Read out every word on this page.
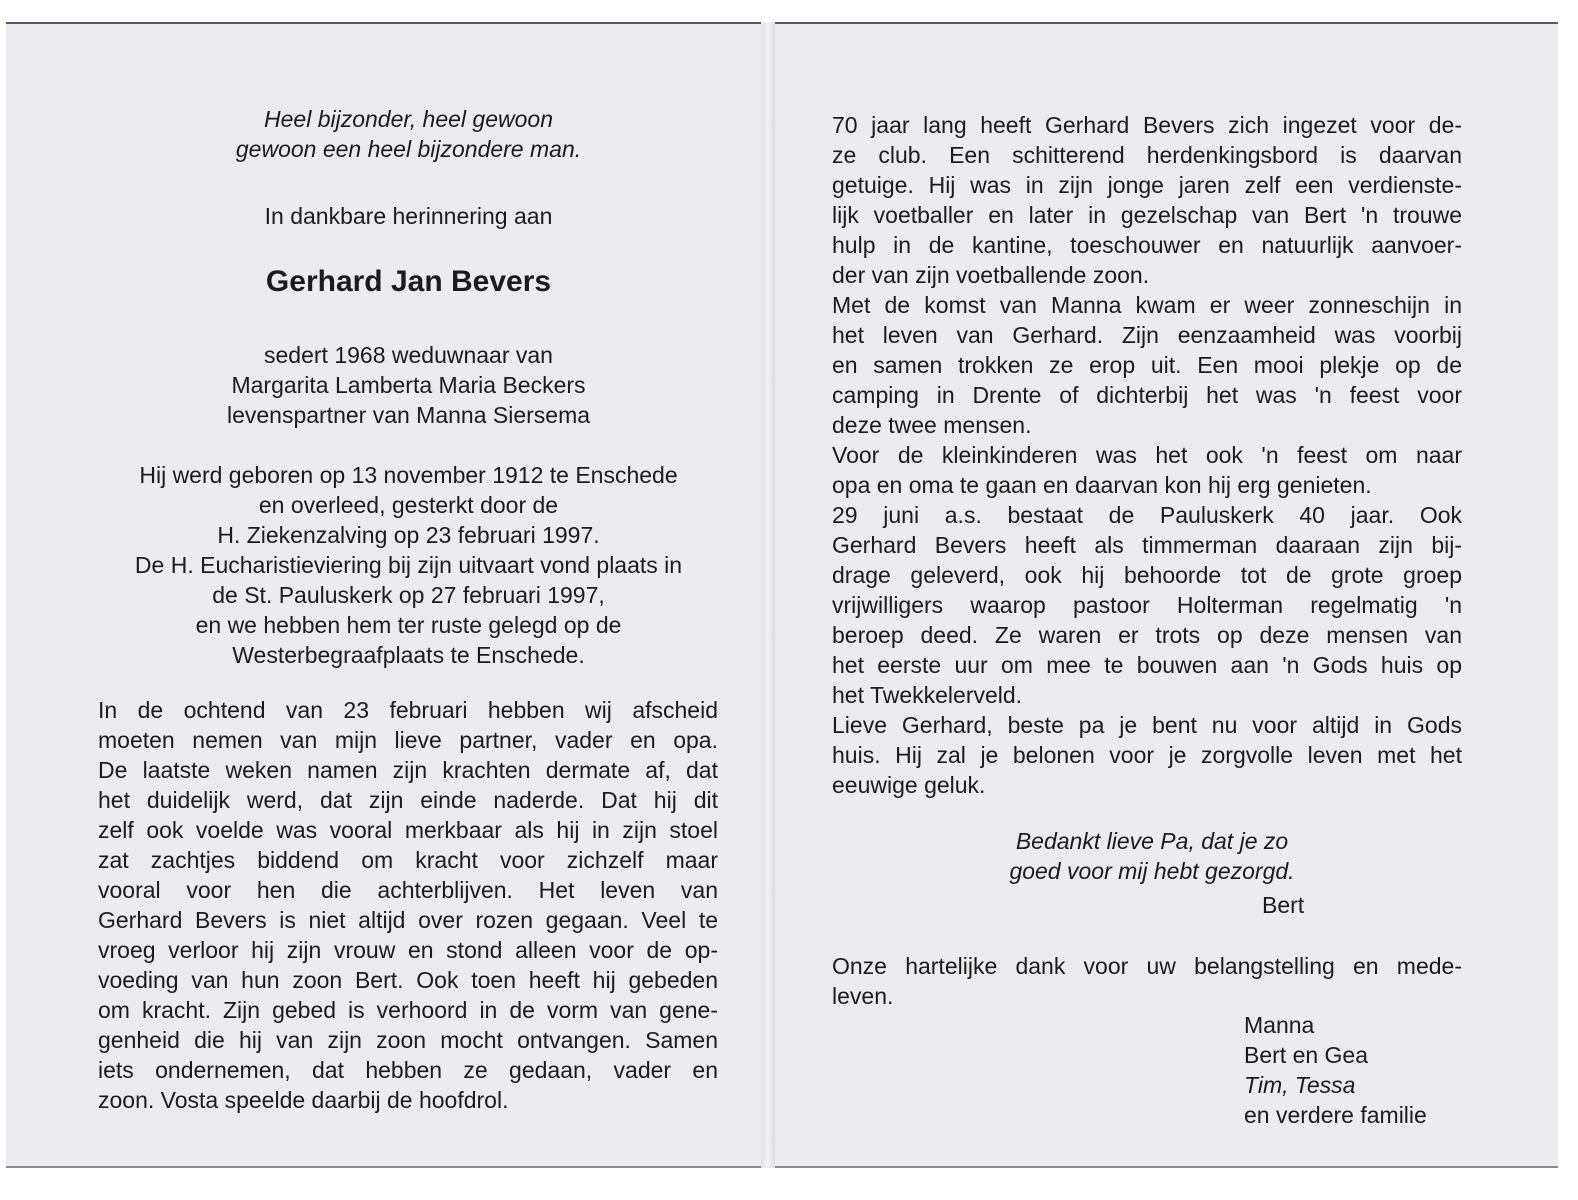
Heel bijzonder, heel gewoon
gewoon een heel bijzondere man.

In dankbare herinnering aan

Gerhard Jan Bevers

sedert 1968 weduwnaar van
Margarita Lamberta Maria Beckers
levenspartner van Manna Siersema
Hij werd geboren op 13 november 1912 te Enschede
en overleed, gesterkt door de
H. Ziekenzalving op 23 februari 1997.
De H. Eucharistieviering bij zijn uitvaart vond plaats in
de St. Pauluskerk op 27 februari 1997,
en we hebben hem ter ruste gelegd op de
Westerbegraafplaats te Enschede.
In de ochtend van 23 februari hebben wij afscheid
moeten nemen van mijn lieve partner, vader en opa.
De laatste weken namen zijn krachten dermate af, dat
het duidelijk werd, dat zijn einde naderde. Dat hij dit
zelf ook voelde was vooral merkbaar als hij in zijn stoel
zat zachtjes biddend om kracht voor zichzelf maar
vooral voor hen die achterblijven. Het leven van
Gerhard Bevers is niet altijd over rozen gegaan. Veel te
vroeg verloor hij zijn vrouw en stond alleen voor de op-
voeding van hun zoon Bert. Ook toen heeft hij gebeden
om kracht. Zijn gebed is verhoord in de vorm van gene-
genheid die hij van zijn zoon mocht ontvangen. Samen
iets ondernemen, dat hebben ze gedaan, vader en
zoon. Vosta speelde daarbij de hoofdrol.
70 jaar lang heeft Gerhard Bevers zich ingezet voor de-
ze club. Een schitterend herdenkingsbord is daarvan
getuige. Hij was in zijn jonge jaren zelf een verdienste-
lijk voetballer en later in gezelschap van Bert 'n trouwe
hulp in de kantine, toeschouwer en natuurlijk aanvoer-
der van zijn voetballende zoon.
Met de komst van Manna kwam er weer zonneschijn in
het leven van Gerhard. Zijn eenzaamheid was voorbij
en samen trokken ze erop uit. Een mooi plekje op de
camping in Drente of dichterbij het was 'n feest voor
deze twee mensen.
Voor de kleinkinderen was het ook 'n feest om naar
opa en oma te gaan en daarvan kon hij erg genieten.
29 juni a.s. bestaat de Pauluskerk 40 jaar. Ook
Gerhard Bevers heeft als timmerman daaraan zijn bij-
drage geleverd, ook hij behoorde tot de grote groep
vrijwilligers waarop pastoor Holterman regelmatig 'n
beroep deed. Ze waren er trots op deze mensen van
het eerste uur om mee te bouwen aan 'n Gods huis op
het Twekkelerveld.
Lieve Gerhard, beste pa je bent nu voor altijd in Gods
huis. Hij zal je belonen voor je zorgvolle leven met het
eeuwige geluk.
Bedankt lieve Pa, dat je zo
goed voor mij hebt gezorgd.
Bert
Onze hartelijke dank voor uw belangstelling en mede-
leven.
Manna
Bert en Gea
Tim, Tessa
en verdere familie
